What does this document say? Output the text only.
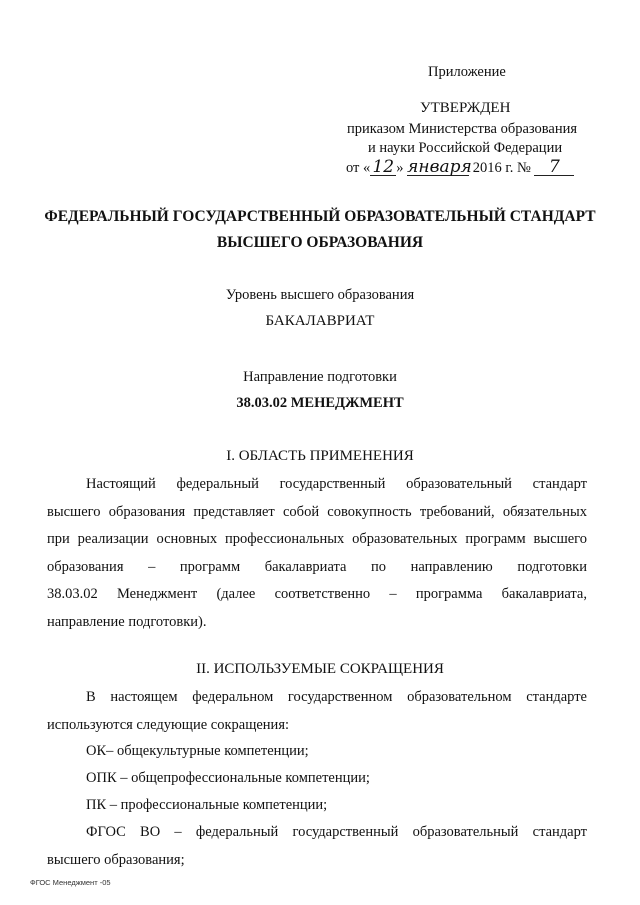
Приложение
УТВЕРЖДЕН
приказом Министерства образования
и науки Российской Федерации
от « 12 » января 2016 г. № 7
ФЕДЕРАЛЬНЫЙ ГОСУДАРСТВЕННЫЙ ОБРАЗОВАТЕЛЬНЫЙ СТАНДАРТ
ВЫСШЕГО ОБРАЗОВАНИЯ
Уровень высшего образования
БАКАЛАВРИАТ
Направление подготовки
38.03.02 МЕНЕДЖМЕНТ
I. ОБЛАСТЬ ПРИМЕНЕНИЯ
Настоящий федеральный государственный образовательный стандарт
высшего образования представляет собой совокупность требований, обязательных
при реализации основных профессиональных образовательных программ высшего
образования – программ бакалавриата по направлению подготовки
38.03.02 Менеджмент (далее соответственно – программа бакалавриата,
направление подготовки).
II. ИСПОЛЬЗУЕМЫЕ СОКРАЩЕНИЯ
В настоящем федеральном государственном образовательном стандарте
используются следующие сокращения:
ОК– общекультурные компетенции;
ОПК – общепрофессиональные компетенции;
ПК – профессиональные компетенции;
ФГОС ВО – федеральный государственный образовательный стандарт
высшего образования;
ФГОС Менеджмент -05
